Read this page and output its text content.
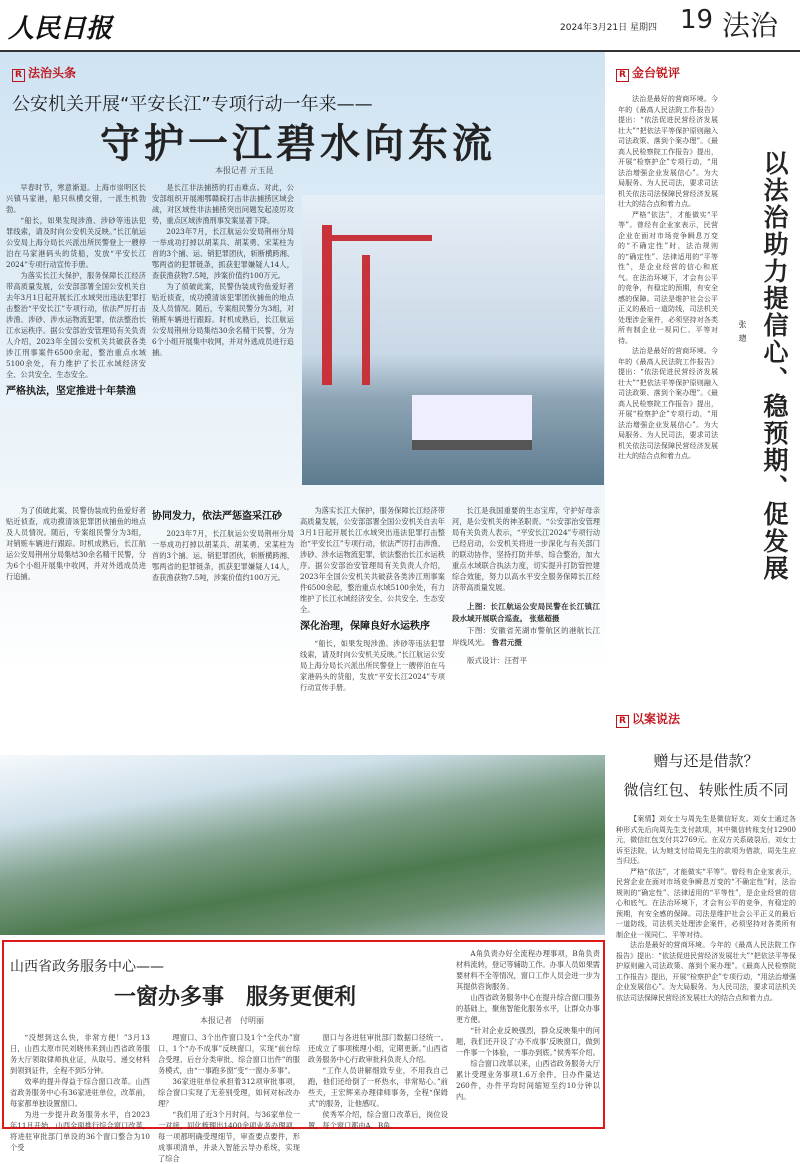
人民日报	2024年3月21日 星期四 19 法治
R 法治头条
公安机关开展“平安长江”专项行动一年来——
守护一江碧水向东流
本报记者 亓玉昆

早春时节，寒意渐退。上海市崇明区长兴镇马家港，船只纵横交错，一派生机勃勃。

“船长，如果发现涉渔、涉砂等违法犯罪线索，请及时向公安机关反映。”长江航运公安局上海分局长兴派出所民警登上一艘停泊在马家港码头的货船，发放“平安长江2024”专项行动宣传手册。

为落实长江大保护，服务保障长江经济带高质量发展，公安部部署全国公安机关自去年3月1日起开展长江水域突出违法犯罪打击整治“平安长江”专项行动，依法严厉打击涉渔、涉砂、涉水运物流犯罪，依法整治长江水运秩序。据公安部治安管理局有关负责人介绍，2023年全国公安机关共破获各类涉江刑事案件6500余起，整治重点水域5100余处，有力维护了长江水域经济安全、公共安全、生态安全。

严格执法，坚定推进十年禁渔

是长江非法捕捞的打击难点。对此，公安部组织开展湘鄂赣皖打击非法捕捞区域会战，对区域性非法捕捞突出问题发起凌厉攻势，重点区域涉渔刑事发案显著下降。

2023年7月，长江航运公安局荆州分局一举成功打掉以胡某兵、胡某勇、宋某柱为首的3个捕、运、销犯罪团伙，斩断横跨湘、鄂两省的犯罪链条，抓获犯罪嫌疑人14人，查获渔获物7.5吨，涉案价值约100万元。

为了侦破此案，民警伪装成钓鱼爱好者贴近侦查，成功摸清该犯罪团伙捕鱼的地点及人员情况。随后，专案组民警分为3组，对销赃车辆进行跟踪。时机成熟后，长江航运公安局荆州分局集结30余名精干民警，分为6个小组开展集中收网，并对外逃成员进行追捕。

为了侦破此案，民警伪装成钓鱼爱好者贴近侦查，成功摸清该犯罪团伙捕鱼的地点及人员情况。随后，专案组民警分为3组，对销赃车辆进行跟踪。时机成熟后，长江航运公安局荆州分局集结30余名精干民警，分为6个小组开展集中收网，并对外逃成员进行追捕。

协同发力，依法严惩盗采江砂

2023年7月，长江航运公安局荆州分局一举成功打掉以胡某兵、胡某勇、宋某柱为首的3个捕、运、销犯罪团伙，斩断横跨湘、鄂两省的犯罪链条，抓获犯罪嫌疑人14人，查获渔获物7.5吨，涉案价值约100万元。

为落实长江大保护，服务保障长江经济带高质量发展，公安部部署全国公安机关自去年3月1日起开展长江水域突出违法犯罪打击整治“平安长江”专项行动，依法严厉打击涉渔、涉砂、涉水运物流犯罪，依法整治长江水运秩序。据公安部治安管理局有关负责人介绍，2023年全国公安机关共破获各类涉江刑事案件6500余起，整治重点水域5100余处，有力维护了长江水域经济安全、公共安全、生态安全。

深化治理，保障良好水运秩序

“船长，如果发现涉渔、涉砂等违法犯罪线索，请及时向公安机关反映。”长江航运公安局上海分局长兴派出所民警登上一艘停泊在马家港码头的货船，发放“平安长江2024”专项行动宣传手册。

长江是我国重要的生态宝库，守护好母亲河，是公安机关的神圣职责。“公安部治安管理局有关负责人表示，“平安长江2024”专项行动已经启动，公安机关将进一步深化与有关部门的联动协作，坚持打防并举、综合整治，加大重点水域联合执法力度，切实提升打防管控建综合效能，努力以高水平安全服务保障长江经济带高质量发展。

上图：长江航运公安局民警在长江镇江段水域开展联合巡查。 张慈超摄

下图：安徽省芜湖市警航区的港航长江岸线风光。 鲁君元摄

版式设计：汪哲平

R 金台锐评

法治是最好的营商环境。今年的《最高人民法院工作报告》提出：“依法促进民营经济发展壮大”“把依法平等保护原则融入司法政策、落到个案办理”。《最高人民检察院工作报告》提出，开展“检察护企”专项行动，“用法治增强企业发展信心”。为大局服务、为人民司法，要求司法机关依法司法保障民营经济发展壮大的结合点和着力点。

严格“依法”，才能做实“平等”。曾经有企业家表示，民营企业在面对市场竞争瞬息万变的“不确定性”时，法治规则的“确定性”、法律适用的“平等性”，是企业经营的信心和底气。在法治环境下，才会有公平的竞争，有稳定的预期，有安全感的保障。司法是维护社会公平正义的最后一道防线，司法机关处理涉企案件，必须坚持对各类所有制企业一视同仁、平等对待。

法治是最好的营商环境。今年的《最高人民法院工作报告》提出：“依法促进民营经济发展壮大”“把依法平等保护原则融入司法政策、落到个案办理”。《最高人民检察院工作报告》提出，开展“检察护企”专项行动，“用法治增强企业发展信心”。为大局服务、为人民司法，要求司法机关依法司法保障民营经济发展壮大的结合点和着力点。	以法治助力提信心、稳预期、促发展
张璁
R 以案说法
赠与还是借款？
微信红包、转账性质不同

【案情】刘女士与周先生是微信好友。刘女士通过各种形式先后向周先生支付款项，其中微信转账支付12900元，微信红包支付共2769元。在双方关系破裂后，刘女士诉至法院，认为她支付给周先生的款项为借款，周先生应当归还。

严格“依法”，才能做实“平等”。曾经有企业家表示，民营企业在面对市场竞争瞬息万变的“不确定性”时，法治规则的“确定性”、法律适用的“平等性”，是企业经营的信心和底气。在法治环境下，才会有公平的竞争，有稳定的预期，有安全感的保障。司法是维护社会公平正义的最后一道防线，司法机关处理涉企案件，必须坚持对各类所有制企业一视同仁、平等对待。

法治是最好的营商环境。今年的《最高人民法院工作报告》提出：“依法促进民营经济发展壮大”“把依法平等保护原则融入司法政策、落到个案办理”。《最高人民检察院工作报告》提出，开展“检察护企”专项行动，“用法治增强企业发展信心”。为大局服务、为人民司法，要求司法机关依法司法保障民营经济发展壮大的结合点和着力点。

山西省政务服务中心——
一窗办多事　服务更便利
本报记者　付明丽

“没想到这么快，非常方便！”3月13日，山西太原市民刘晓伟来到山西省政务服务大厅领取律师执业证，从取号、递交材料到领到证件，全程不到5分钟。

效率的提升得益于综合窗口改革。山西省政务服务中心有36家进驻单位，改革前，每家都单独设置窗口。

为进一步提升政务服务水平，自2023年11月开始，山西全面推行综合窗口改革，将进驻审批部门单设的36个窗口整合为10个受

理窗口、3个出件窗口及1个“全代办”窗口、1个“办不成事”反映窗口，实现“前台综合受理、后台分类审批、综合窗口出件”的服务模式，由“一事跑多窗”变“一窗办多事”。

36家进驻单位承担着312项审批事项，综合窗口实现了无差别受理，如何对标改办理？

“我们用了近3个月时间，与36家单位一一对接，回化梳理出1400余项业务办理项，每一项都明确受理细节，审查要点要件，形成事项清单，并录入智能云导办系统，实现了综合

窗口与各进驻审批部门数据口径统一。还成立了事项梳理小组，定期更新。”山西省政务服务中心行政审批科负责人介绍。

“工作人员讲解细致专业，不用我自己跑，他们还给倒了一杯热水，非常贴心。”前些天，王宏辉来办理律师事务，全程“保姆式”的服务，让他感叹。

侯秀军介绍，综合窗口改革后，岗位设置，每个窗口都由A、B角

A角负责办好全流程办理事项，B角负责材料流转，登记等辅助工作。办事人员如果需要材料不全等情况，窗口工作人员会进一步为其提供咨询服务。

山西省政务服务中心在提升综合窗口服务的基础上，聚焦智能化服务水平，让群众办事更方便。

“针对企业反映强烈，群众反映集中的问题，我们还开设了‘办不成事’反映窗口，做到一件事一个体验，一事办到底。”侯秀军介绍。

综合窗口改革以来，山西省政务服务大厅累计受理业务事项1.6万余件，日办件量达260件，办件平均时间缩短至约10分钟以内。
